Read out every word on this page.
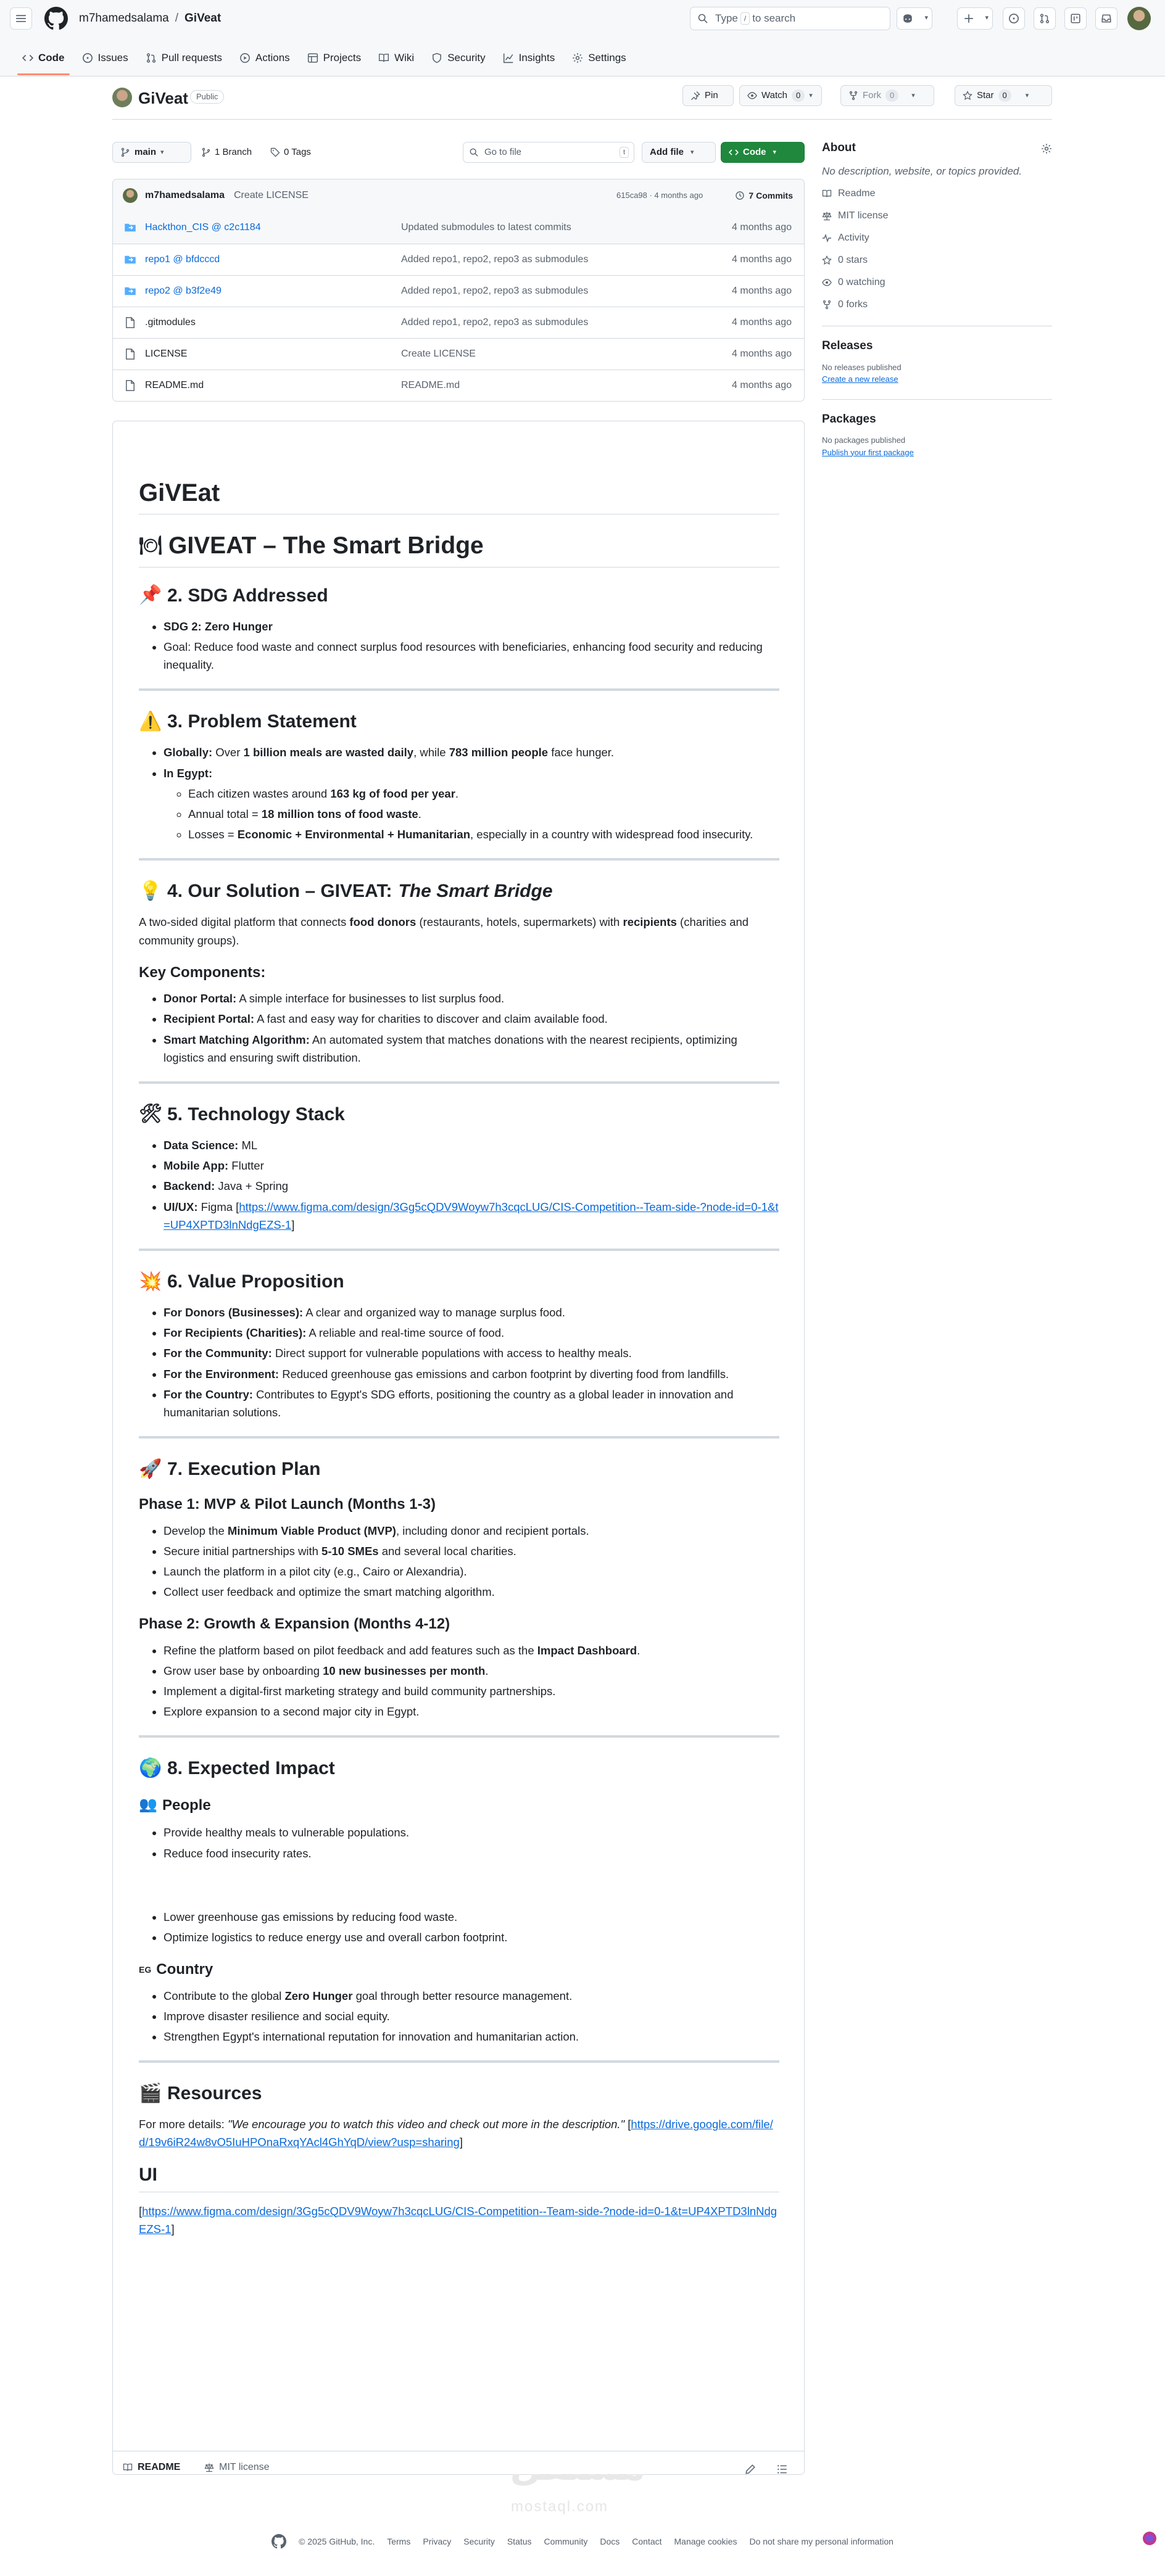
m7hamedsalama / GiVeat	Type / to search	▾	▾
Code	Issues	Pull requests	Actions	Projects	Wiki	Security	Insights	Settings
GiVeat	Public	Pin	Watch	0	▾	Fork	0	▾	Star	0	▾
main ▾	1 Branch	0 Tags	Go to file	t	Add file ▾	Code ▾
m7hamedsalama Create LICENSE	615ca98 · 4 months ago	7 Commits
Hackthon_CIS @ c2c1184	Updated submodules to latest commits	4 months ago
repo1 @ bfdcccd	Added repo1, repo2, repo3 as submodules	4 months ago
repo2 @ b3f2e49	Added repo1, repo2, repo3 as submodules	4 months ago
.gitmodules	Added repo1, repo2, repo3 as submodules	4 months ago
LICENSE	Create LICENSE	4 months ago
README.md	README.md	4 months ago
About

No description, website, or topics provided.

Readme
MIT license
Activity
0 stars
0 watching
0 forks
Releases
No releases published
Create a new release
Packages
No packages published
Publish your first package
GiVEat
🍽 GIVEAT – The Smart Bridge
📌 2. SDG Addressed
• SDG 2: Zero Hunger
• Goal: Reduce food waste and connect surplus food resources with beneficiaries, enhancing food security and reducing inequality.
⚠️ 3. Problem Statement
• Globally: Over 1 billion meals are wasted daily, while 783 million people face hunger.
• In Egypt:
◦ Each citizen wastes around 163 kg of food per year.
◦ Annual total = 18 million tons of food waste.
◦ Losses = Economic + Environmental + Humanitarian, especially in a country with widespread food insecurity.
💡 4. Our Solution – GIVEAT: The Smart Bridge

A two-sided digital platform that connects food donors (restaurants, hotels, supermarkets) with recipients (charities and community groups).

Key Components:
• Donor Portal: A simple interface for businesses to list surplus food.
• Recipient Portal: A fast and easy way for charities to discover and claim available food.
• Smart Matching Algorithm: An automated system that matches donations with the nearest recipients, optimizing logistics and ensuring swift distribution.
🛠 5. Technology Stack
• Data Science: ML
• Mobile App: Flutter
• Backend: Java + Spring
• UI/UX: Figma [https://www.figma.com/design/3Gg5cQDV9Woyw7h3cqcLUG/CIS-Competition--Team-side-?node-id=0-1&t=UP4XPTD3lnNdgEZS-1]
💥 6. Value Proposition
• For Donors (Businesses): A clear and organized way to manage surplus food.
• For Recipients (Charities): A reliable and real-time source of food.
• For the Community: Direct support for vulnerable populations with access to healthy meals.
• For the Environment: Reduced greenhouse gas emissions and carbon footprint by diverting food from landfills.
• For the Country: Contributes to Egypt's SDG efforts, positioning the country as a global leader in innovation and humanitarian solutions.
🚀 7. Execution Plan
Phase 1: MVP & Pilot Launch (Months 1-3)
• Develop the Minimum Viable Product (MVP), including donor and recipient portals.
• Secure initial partnerships with 5-10 SMEs and several local charities.
• Launch the platform in a pilot city (e.g., Cairo or Alexandria).
• Collect user feedback and optimize the smart matching algorithm.
Phase 2: Growth & Expansion (Months 4-12)
• Refine the platform based on pilot feedback and add features such as the Impact Dashboard.
• Grow user base by onboarding 10 new businesses per month.
• Implement a digital-first marketing strategy and build community partnerships.
• Explore expansion to a second major city in Egypt.
🌍 8. Expected Impact
👥 People
• Provide healthy meals to vulnerable populations.
• Reduce food insecurity rates.
• Lower greenhouse gas emissions by reducing food waste.
• Optimize logistics to reduce energy use and overall carbon footprint.
EG Country
• Contribute to the global Zero Hunger goal through better resource management.
• Improve disaster resilience and social equity.
• Strengthen Egypt's international reputation for innovation and humanitarian action.
🎬 Resources

For more details: "We encourage you to watch this video and check out more in the description." [https://drive.google.com/file/d/19v6iR24w8vO5IuHPOnaRxqYAcl4GhYqD/view?usp=sharing]

UI

[https://www.figma.com/design/3Gg5cQDV9Woyw7h3cqcLUG/CIS-Competition--Team-side-?node-id=0-1&t=UP4XPTD3lnNdgEZS-1]

README	MIT license
mostaql.com
© 2025 GitHub, Inc. Terms Privacy Security Status Community Docs Contact Manage cookies Do not share my personal information
